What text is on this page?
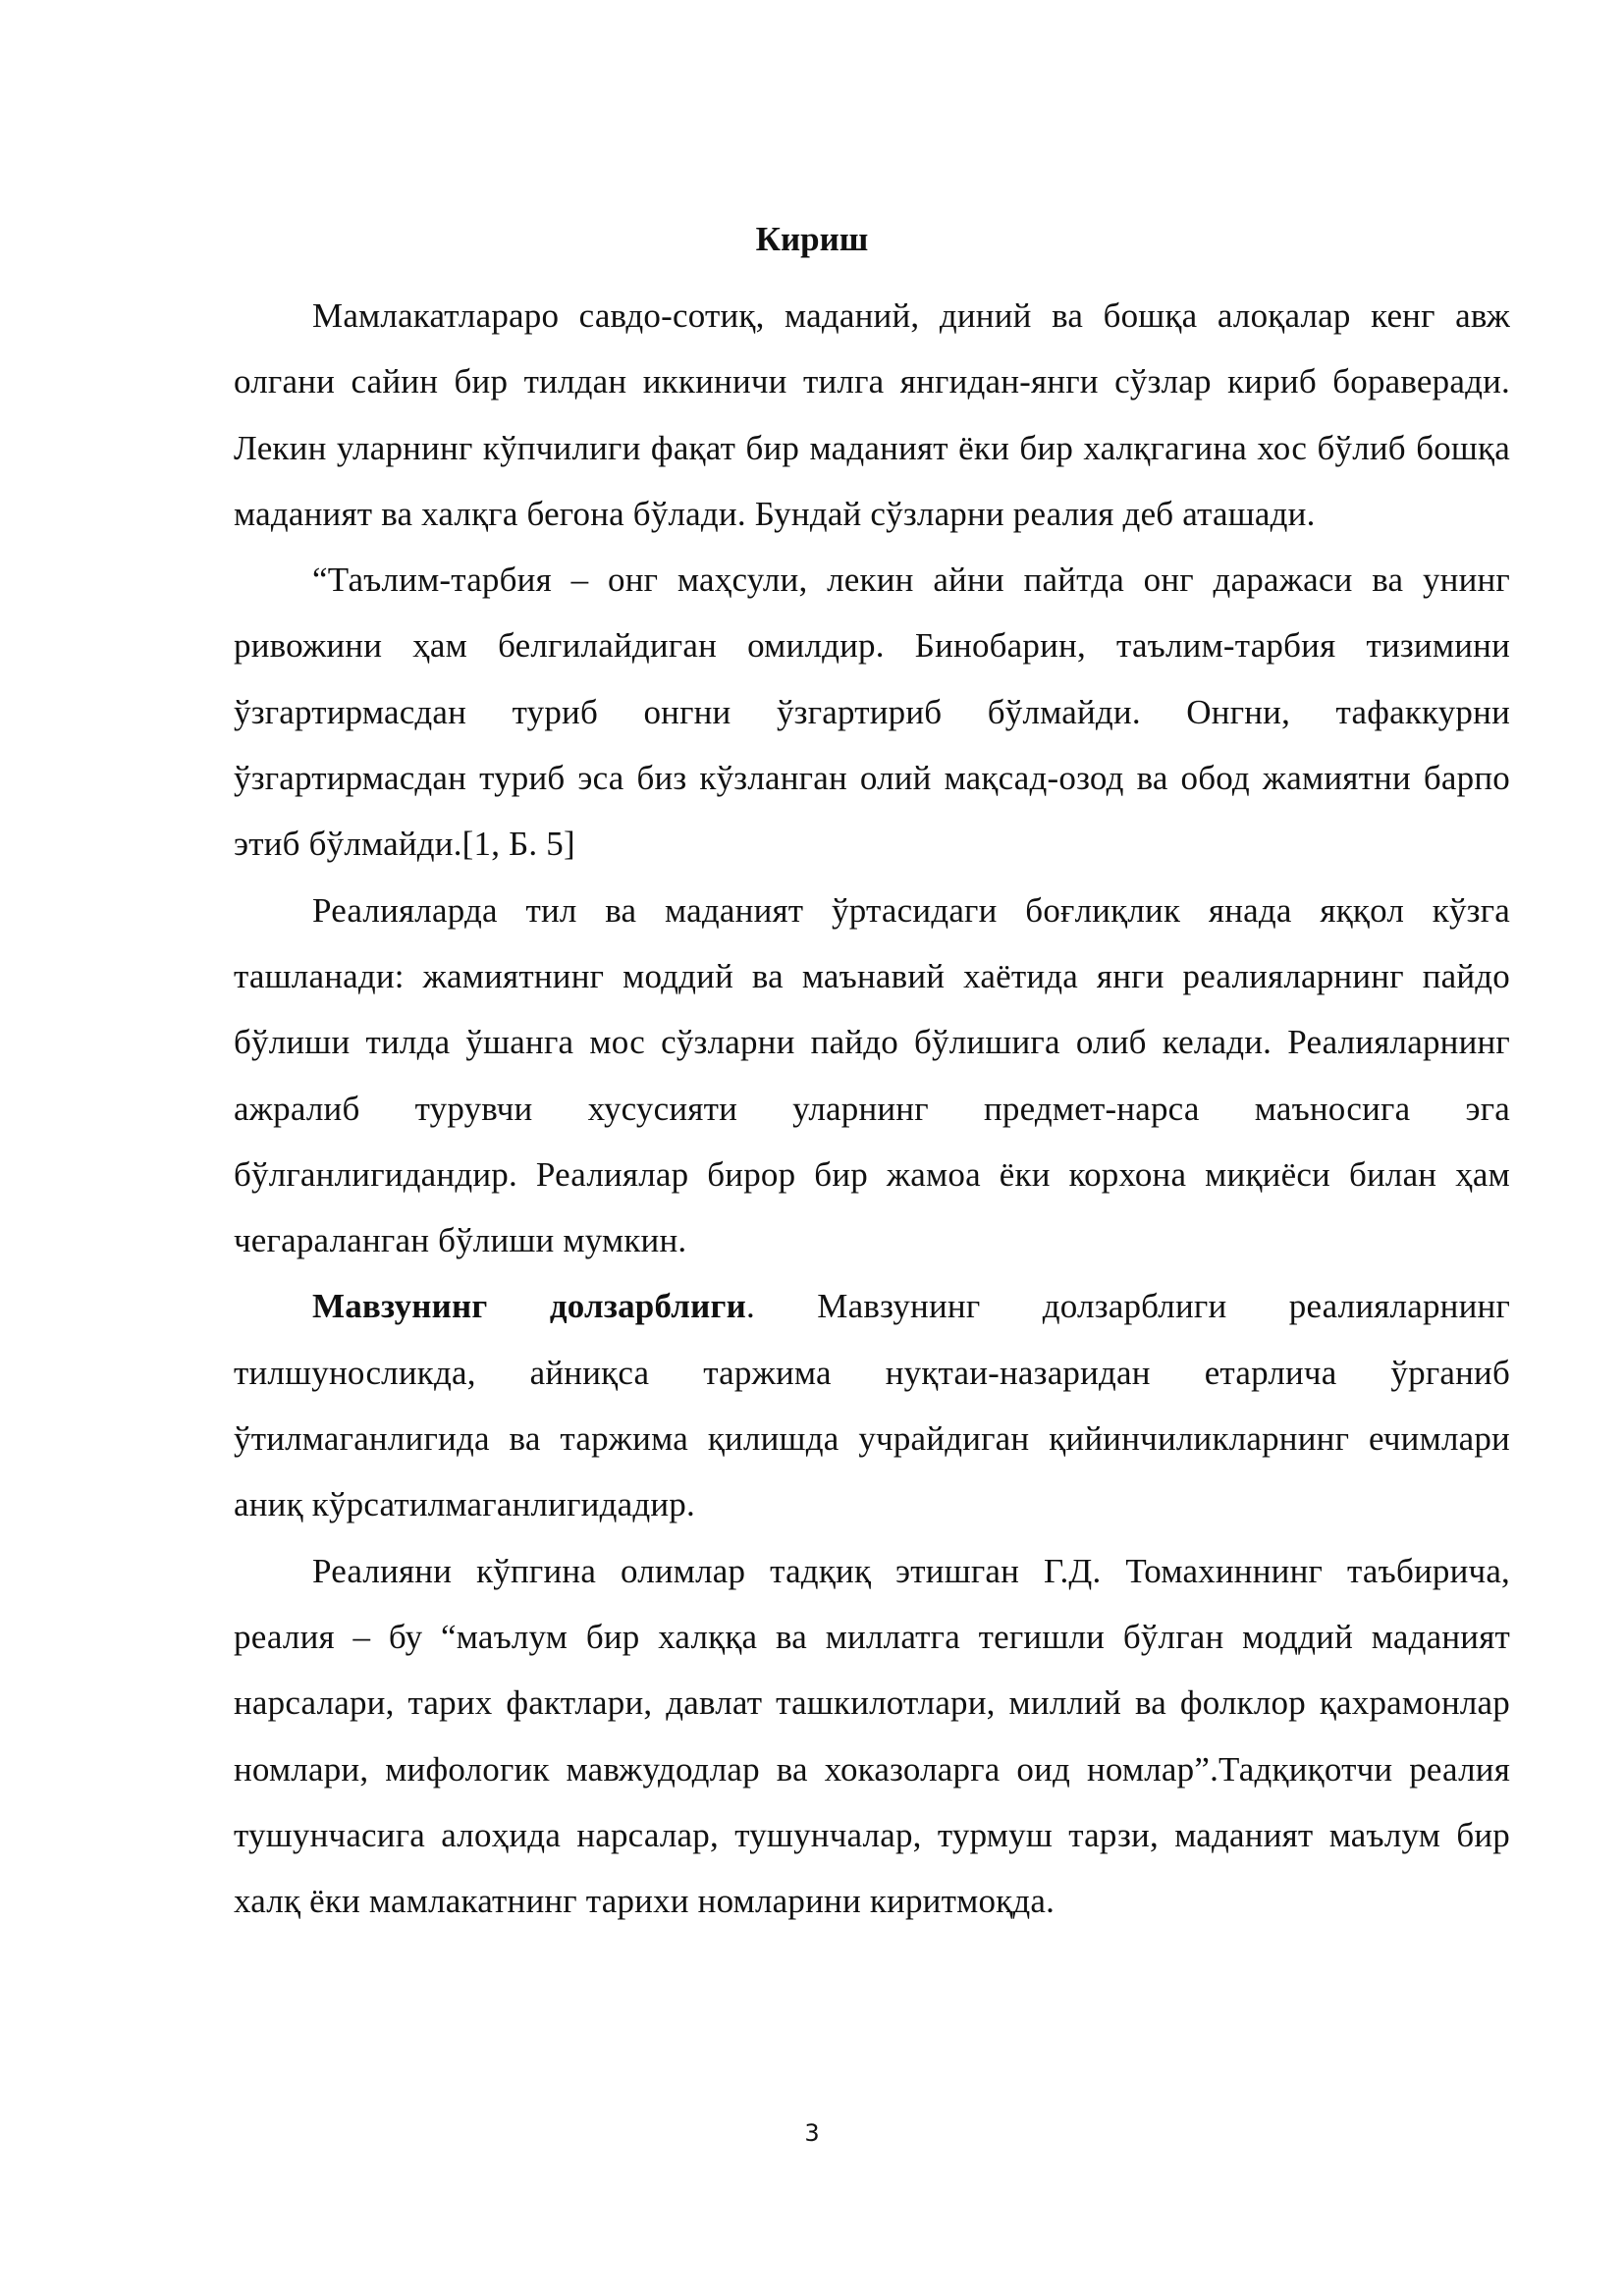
Кириш

Мамлакатлараро савдо-сотиқ, маданий, диний ва бошқа алоқалар кенг авж олгани сайин бир тилдан иккиничи тилга янгидан-янги сўзлар кириб бораверади. Лекин уларнинг кўпчилиги фақат бир маданият ёки бир халқгагина хос бўлиб бошқа маданият ва халқга бегона бўлади. Бундай сўзларни реалия деб аташади.

“Таълим-тарбия – онг маҳсули, лекин айни пайтда онг даражаси ва унинг ривожини ҳам белгилайдиган омилдир. Бинобарин, таълим-тарбия тизимини ўзгартирмасдан туриб онгни ўзгартириб бўлмайди. Онгни, тафаккурни ўзгартирмасдан туриб эса биз кўзланган олий мақсад-озод ва обод жамиятни барпо этиб бўлмайди.[1, Б. 5]

Реалияларда тил ва маданият ўртасидаги боғлиқлик янада яққол кўзга ташланади: жамиятнинг моддий ва маънавий хаётида янги реалияларнинг пайдо бўлиши тилда ўшанга мос сўзларни пайдо бўлишига олиб келади. Реалияларнинг ажралиб турувчи хусусияти уларнинг предмет-нарса маъносига эга бўлганлигидандир. Реалиялар бирор бир жамоа ёки корхона миқиёси билан ҳам чегараланган бўлиши мумкин.

Мавзунинг долзарблиги. Мавзунинг долзарблиги реалияларнинг тилшуносликда, айниқса таржима нуқтаи-назаридан етарлича ўрганиб ўтилмаганлигида ва таржима қилишда учрайдиган қийинчиликларнинг ечимлари аниқ кўрсатилмаганлигидадир.

Реалияни кўпгина олимлар тадқиқ этишган Г.Д. Томахиннинг таъбирича, реалия – бу “маълум бир халққа ва миллатга тегишли бўлган моддий маданият нарсалари, тарих фактлари, давлат ташкилотлари, миллий ва фолклор қахрамонлар номлари, мифологик мавжудодлар ва хоказоларга оид номлар”.Тадқиқотчи реалия тушунчасига алоҳида нарсалар, тушунчалар, турмуш тарзи, маданият маълум бир халқ ёки мамлакатнинг тарихи номларини киритмоқда.

3
